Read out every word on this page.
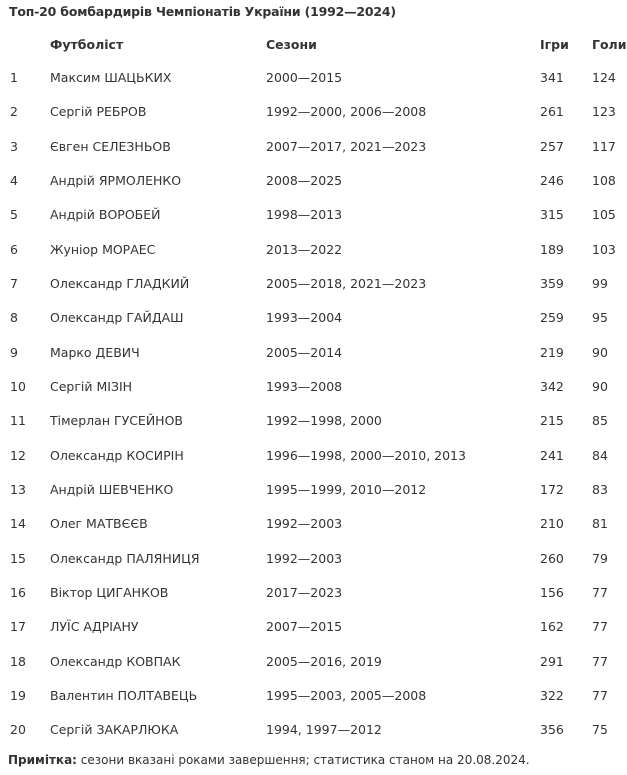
Топ-20 бомбардирів Чемпіонатів України (1992—2024)
Футболіст	Сезони	Ігри Голи
1	Максим ШАЦЬКИХ	2000—2015	341 124
2	Сергій РЕБРОВ	1992—2000, 2006—2008	261 123
3	Євген СЕЛЕЗНЬОВ	2007—2017, 2021—2023	257 117
4	Андрій ЯРМОЛЕНКО	2008—2025	246 108
5	Андрій ВОРОБЕЙ	1998—2013	315 105
6	Жуніор МОРАЕС	2013—2022	189 103
7	Олександр ГЛАДКИЙ	2005—2018, 2021—2023	359 99
8	Олександр ГАЙДАШ	1993—2004	259 95
9	Марко ДЕВИЧ	2005—2014	219 90
10 Сергій МІЗІН	1993—2008	342 90
11 Тімерлан ГУСЕЙНОВ	1992—1998, 2000	215 85
12 Олександр КОСИРІН	1996—1998, 2000—2010, 2013	241 84
13 Андрій ШЕВЧЕНКО	1995—1999, 2010—2012	172 83
14 Олег МАТВЄЄВ	1992—2003	210 81
15 Олександр ПАЛЯНИЦЯ	1992—2003	260 79
16 Віктор ЦИГАНКОВ	2017—2023	156 77
17 ЛУЇС АДРІАНУ	2007—2015	162 77
18 Олександр КОВПАК	2005—2016, 2019	291 77
19 Валентин ПОЛТАВЕЦЬ	1995—2003, 2005—2008	322 77
20 Сергій ЗАКАРЛЮКА	1994, 1997—2012	356 75
Примітка: сезони вказані роками завершення; статистика станом на 20.08.2024.
